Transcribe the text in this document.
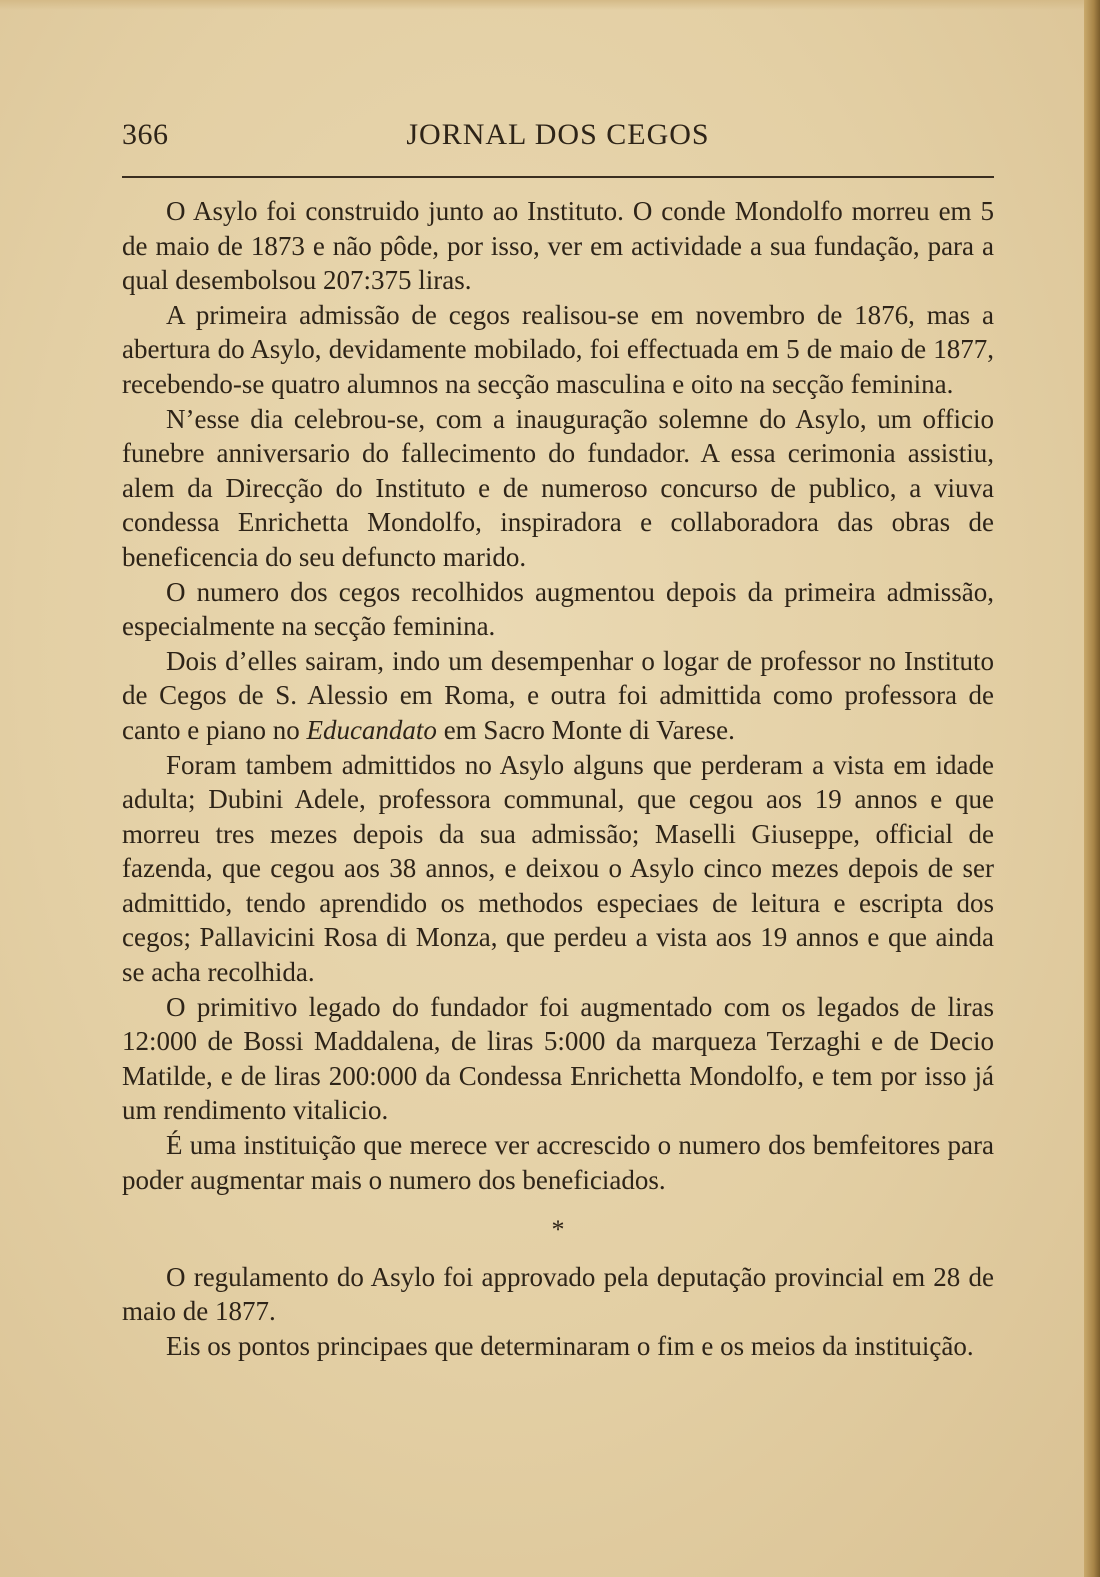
366	JORNAL DOS CEGOS

O Asylo foi construido junto ao Instituto. O conde Mondolfo morreu em 5 de maio de 1873 e não pôde, por isso, ver em actividade a sua fundação, para a qual desembolsou 207:375 liras.

A primeira admissão de cegos realisou-se em novembro de 1876, mas a abertura do Asylo, devidamente mobilado, foi effectuada em 5 de maio de 1877, recebendo-se quatro alumnos na secção masculina e oito na secção feminina.

N’esse dia celebrou-se, com a inauguração solemne do Asylo, um officio funebre anniversario do fallecimento do fundador. A essa cerimonia assistiu, alem da Direcção do Instituto e de numeroso concurso de publico, a viuva condessa Enrichetta Mondolfo, inspiradora e collaboradora das obras de beneficencia do seu defuncto marido.

O numero dos cegos recolhidos augmentou depois da primeira admissão, especialmente na secção feminina.

Dois d’elles sairam, indo um desempenhar o logar de professor no Instituto de Cegos de S. Alessio em Roma, e outra foi admittida como professora de canto e piano no Educandato em Sacro Monte di Varese.

Foram tambem admittidos no Asylo alguns que perderam a vista em idade adulta; Dubini Adele, professora communal, que cegou aos 19 annos e que morreu tres mezes depois da sua admissão; Maselli Giuseppe, official de fazenda, que cegou aos 38 annos, e deixou o Asylo cinco mezes depois de ser admittido, tendo aprendido os methodos especiaes de leitura e escripta dos cegos; Pallavicini Rosa di Monza, que perdeu a vista aos 19 annos e que ainda se acha recolhida.

O primitivo legado do fundador foi augmentado com os legados de liras 12:000 de Bossi Maddalena, de liras 5:000 da marqueza Terzaghi e de Decio Matilde, e de liras 200:000 da Condessa Enrichetta Mondolfo, e tem por isso já um rendimento vitalicio.

É uma instituição que merece ver accrescido o numero dos bemfeitores para poder augmentar mais o numero dos beneficiados.

*

O regulamento do Asylo foi approvado pela deputação provincial em 28 de maio de 1877.

Eis os pontos principaes que determinaram o fim e os meios da instituição.
